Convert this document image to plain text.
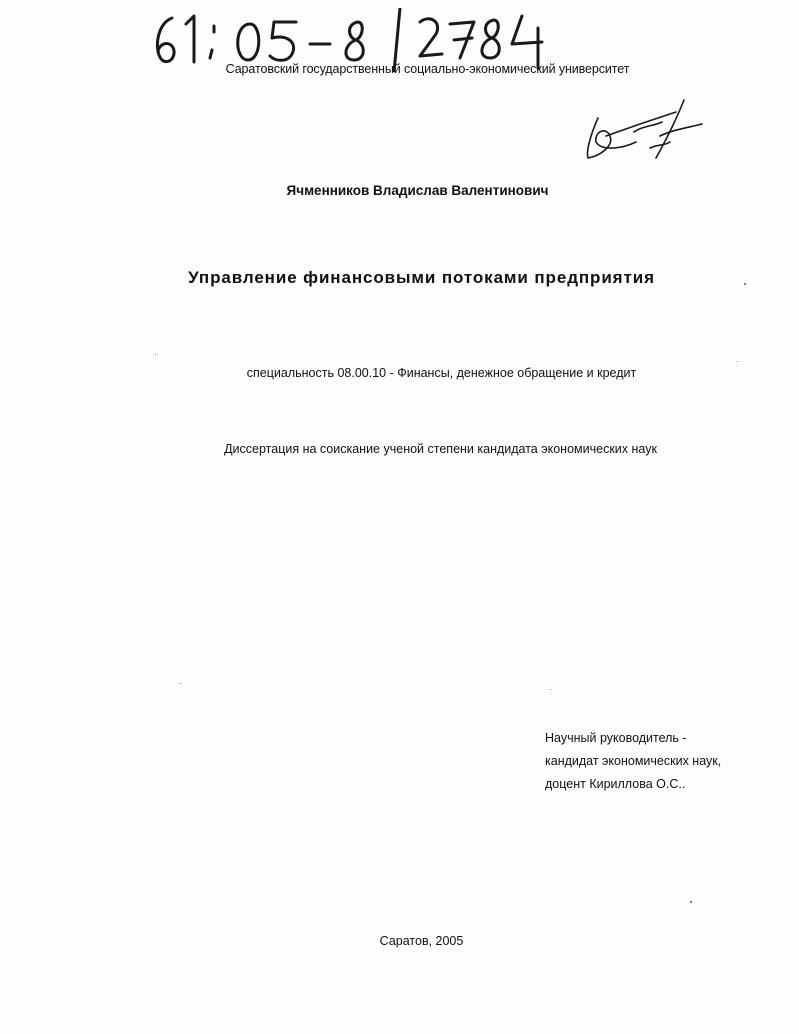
Саратовский государственный социально-экономический университет
Ячменников Владислав Валентинович
Управление финансовыми потоками предприятия
специальность 08.00.10 - Финансы, денежное обращение и кредит
Диссертация на соискание ученой степени кандидата экономических наук
Научный руководитель -
кандидат экономических наук,
доцент Кириллова О.С..
Саратов, 2005
